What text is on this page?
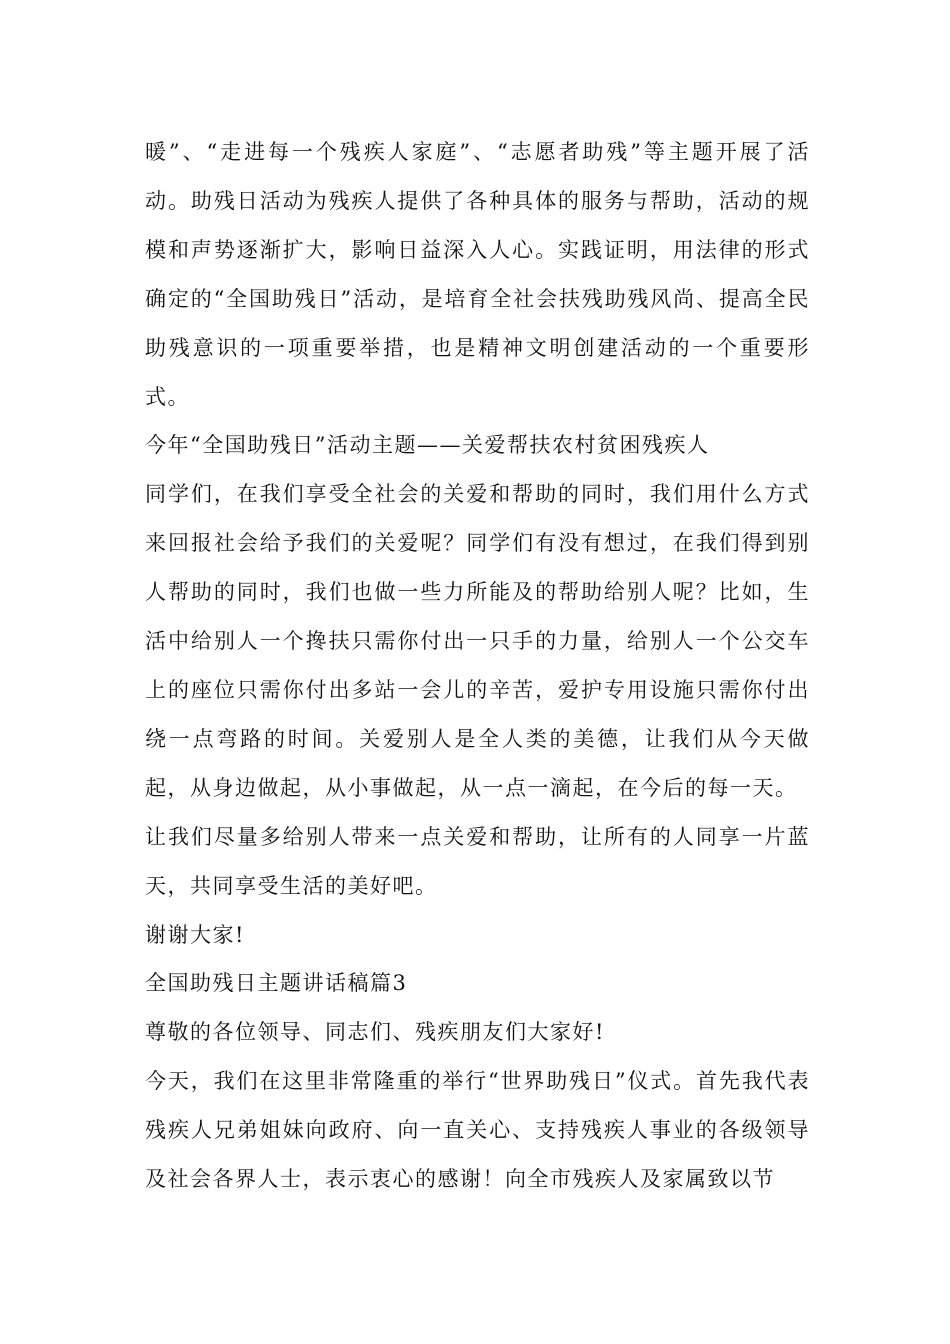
暖”、“走进每一个残疾人家庭”、“志愿者助残”等主题开展了活动。助残日活动为残疾人提供了各种具体的服务与帮助，活动的规模和声势逐渐扩大，影响日益深入人心。实践证明，用法律的形式确定的“全国助残日”活动，是培育全社会扶残助残风尚、提高全民助残意识的一项重要举措，也是精神文明创建活动的一个重要形式。

今年“全国助残日”活动主题——关爱帮扶农村贫困残疾人

同学们，在我们享受全社会的关爱和帮助的同时，我们用什么方式来回报社会给予我们的关爱呢？同学们有没有想过，在我们得到别人帮助的同时，我们也做一些力所能及的帮助给别人呢？比如，生活中给别人一个搀扶只需你付出一只手的力量，给别人一个公交车上的座位只需你付出多站一会儿的辛苦，爱护专用设施只需你付出绕一点弯路的时间。关爱别人是全人类的美德，让我们从今天做起，从身边做起，从小事做起，从一点一滴起，在今后的每一天。

让我们尽量多给别人带来一点关爱和帮助，让所有的人同享一片蓝天，共同享受生活的美好吧。

谢谢大家!

全国助残日主题讲话稿篇3

尊敬的各位领导、同志们、残疾朋友们大家好!

今天，我们在这里非常隆重的举行“世界助残日”仪式。首先我代表残疾人兄弟姐妹向政府、向一直关心、支持残疾人事业的各级领导及社会各界人士，表示衷心的感谢！向全市残疾人及家属致以节
